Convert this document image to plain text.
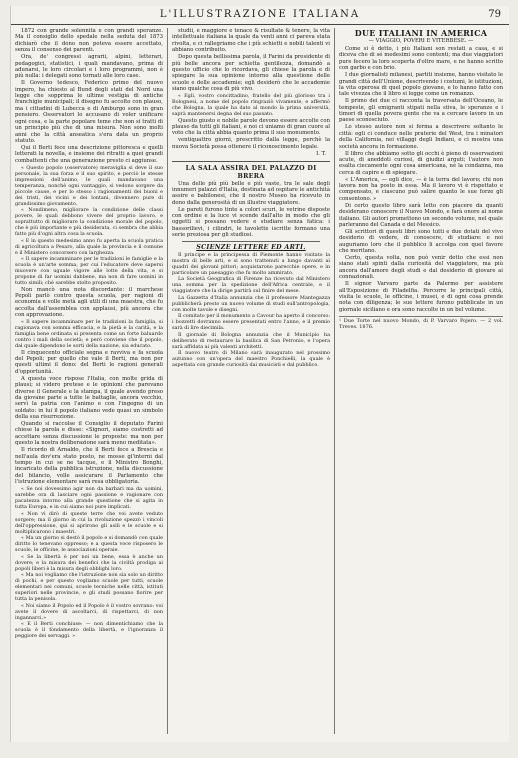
L'ILLUSTRAZIONE ITALIANA	79

1872 con grande solennità e con grandi speranze. Ma il consiglio dello spedale nella seduta del 1873 dichiarò che il dono non poteva essere accettato, senza il consenso dei parenti.

Ora, de' congressi agrarii, alpini, letterari, pedagogici, statistici, i quali mandavano, prima di adunarsi, le loro circolari e i loro programmi, non è più nulla: i delegati sono tornati alle loro case.

Il Governo tedesco, Federico primo del nuovo impero, ha chiesto al Bund degli stati del Nord una legge che sopprima le ultime vestigia di antiche franchigie municipali; il disegno fu accolto con plauso, ma i cittadini di Lubecca e di Amburgo sono in gran pensiero. Osservatori lo accusano di voler unificare ogni cosa, e la parte popolare teme che non si tratti di un principio più che di una misura. Non sono molti anni che la città anseatica s'era data un proprio statuto.

Qui il Berti fece una descrizione pittoresca e quelli letterati la novella, e insieme dei ritratti a quei grandi combattenti che una generazione presto ci aggiunse.

« Questo popolo (osservatore) meraviglia si deve il suo personale, la sua forza e il suo spirito, e perciò le stesse impressioni dell'animo, le quali mandavano una temperanza, nonchè ogni vantaggio, si vedono sorgere da piccole cause, e per lo stesso i ragionamenti dei buoni e dei tristi, dei vicini e dei lontani, divennero pure di grandissimo giovamento.

« Nondimeno, migliorare la condizione delle classi povere, le quali debbono vivere del proprio lavoro, e soprattutto di migliorare la condizione morale del popolo, che è più importante e più desiderata, ci sembra che abbia fatto più d'ogni altra cosa la scuola.

« E in questo medesimo anno fu aperta la scuola pratica di agricoltura a Pesaro, alla quale la provincia e il comune e il Ministero concorsero con larghezza.

« Il sapere incamminare per le tradizioni le famiglie e la scuola è un'arte somma, per cui l'educatore deve sapersi muovere con uguale vigore alle lotte della vita, e si propone di far uomini dabbene, ma non di fare uomini in tutto simili; ché sarebbe stolto proposito.

Non mancò una nota discordante: il marchese Pepoli parlò contro questa scuola, per ragioni di economia e volle metà agli utili di una maestra, che fu accolta dall'assemblea con applausi, più ancora che con approvazione.

« Il sapere incamminare per le tradizioni la famiglia, si ragionava con somma efficacia, e la pietà e la carità, e la famiglia bene ordinata si presenta come un forte baluardo contro i mali della società; e però conviene che il popolo, dal quale dipendono le sorti della nazione, sia educato.

Il cinquecento officiale segna e ravviva e fa scuola del Pepoli; per quello che vale il Berti, ma non per questi ultimi il dono: del Berti le ragioni generali d'opportunità.

A questa voce rispose l'Italia, con molte grida di plausi; si videro pretese e le opinioni che parevano diverse il Generale e la stampa, il quale avendo preso da giovane parte a tutte le battaglie, ancora vecchio, servì la patria con l'animo e con l'ingegno di un soldato: in lui il popolo italiano vede quasi un simbolo della sua risurrezione.

Quando si raccolse il Consiglio il deputato Farini chiese la parola e disse: «Signori, siamo costretti ad accettare senza discussione le proposte: ma non per questo la nostra deliberazione sarà meno meditata».

Il ricordo di Arnaldo, che il Berti fece a Brescia e nell'aula dov'era stato posto, ne mosse gl'interni dal tempo in cui se ne tacque, e il Ministro Bonghi, incaricato della pubblica istruzione, nella discussione del bilancio, volle assicurare il Parlamento che l'istruzione elementare sarà resa obbligatoria.

« Se noi dovessimo agir non da barbari ma da uomini, sarebbe ora di lasciare ogni passione e ragionare con pacatezza intorno alla grande questione che si agita in tutta Europa, e in cui siamo noi pure implicati.

« Non vi dirò di queste terre che voi avete veduto sorgere; ma il giorno in cui la rivoluzione spezzò i vincoli dell'oppressione, qui si aprirono gli asili e le scuole e si moltiplicarono i maestri.

« Ma un giorno si destò il popolo e si domandò con quale diritto lo tenevano oppresso; e a questa voce risposero le scuole, le officine, le associazioni operaie.

« Se la libertà è per noi un bene, essa è anche un dovere; e la misura dei benefici che la civiltà prodiga ai popoli liberi è la misura degli obblighi loro.

« Ma noi vogliamo che l'istruzione non sia solo un diritto di pochi, e per questo vogliamo scuole per tutti, scuole elementari nei comuni, scuole tecniche nelle città, istituti superiori nelle provincie, e gli studi possano fiorire per tutta la penisola.

« Noi siamo il Popolo ed il Popolo è il vostro sovrano: voi avete il dovere di ascoltarci, di rispettarci, di non ingannarci.»

« E il Berti conchiuse: — non dimentichiamo che la scuola è il fondamento della libertà, e l'ignoranza il peggiore dei servaggi. »

studii, e maggiore e tenace & risultate & tenere, la vita intellettuale italiana la quale da venti anni ci pareva stata rivolta, e ci rallegriamo che i più schietti e nobili talenti vi abbiano contribuito.

Dopo questa bellissima parola, il Farini da presidente di più belle ancora per schietta gentilezza, domandò a questo ufficio che lo ricordava, gli chiese la parola e di spiegare la sua opinione intorno alla questione delle scuole e delle accademie; egli desiderò che le accademie siano qualche cosa di più vivo.

« Egli, vostro concittadino, fratello del più glorioso tra i Bolognesi, a nome del popolo ringraziò vivamente, e affermò che Bologna, la quale ha dato al mondo la prima università, saprà mantenersi degna del suo passato.

Questo giusto e nobile parole devono essere accolte con plauso da tutti gli italiani, e noi ci uniamo di gran cuore al voto che la città abbia quanto prima il suo monumento.

ventiquattro giorni, prescritto dalla legge, perchè la nuova Società possa ottenere il riconoscimento legale.

I. T.
LA SALA ASSIRA DEL PALAZZO DI BRERA

Una delle più più belle e più vaste, tra le sale degli innumeri palazzi d'Italia, destinata ad ospitare le antichità assire e babilonesi, che il nostro Museo ha ricevuto in dono dalla generosità di un illustre viaggiatore.

Le pareti furono tinte a colori scuri, le vetrine disposte con ordine e la luce vi scende dall'alto in modo che gli oggetti si possano vedere e studiare senza fatica: i bassorilievi, i cilindri, le tavolette iscritte formano una serie preziosa per gli studiosi.

SCIENZE LETTERE ED ARTI.

Il principe e la principessa di Piemonte hanno visitato la mostra di belle arti, e si sono trattenuti a lungo davanti ai quadri dei giovani pittori; acquistarono parecchie opere, e in particolare un paesaggio che fu molto ammirato.

La Società Geografica di Firenze ha ricevuto dal Ministero una somma per la spedizione dell'Africa centrale, e il viaggiatore che la dirige partirà sul finire del mese.

La Gazzetta d'Italia annunzia che il professore Mantegazza pubblicherà presto un nuovo volume di studi sull'antropologia, con molte tavole e disegni.

Il comitato per il monumento a Cavour ha aperto il concorso: i bozzetti dovranno essere presentati entro l'anno, e il premio sarà di lire diecimila.

Il giornale di Bologna annunzia che il Municipio ha deliberato di restaurare la basilica di San Petronio, e l'opera sarà affidata ai più valenti architetti.

Il nuovo teatro di Milano sarà inaugurato nel prossimo autunno con un'opera del maestro Ponchielli, la quale è aspettata con grande curiosità dai musicisti e dal pubblico.

DUE ITALIANI IN AMERICA
— VIAGGIO, POVERI E VITERBESE. —

Come si è detto, i più Italiani son restati a casa, e si diceva che di sé medesimi sono contenti; ma due viaggiatori pure fecero la loro scoperta d'oltre mare, e ne hanno scritto con garbo e con brio.

I due giornalisti milanesi, partiti insieme, hanno visitato le grandi città dell'Unione, descrivendo i costumi, le istituzioni, la vita operosa di quel popolo giovane, e lo hanno fatto con tale vivezza che il libro si legge come un romanzo.

Il primo dei due ci racconta la traversata dell'Oceano, le tempeste, gli emigranti stipati nella stiva, le speranze e i timori di quella povera gente che va a cercare lavoro in un paese sconosciuto.

Lo stesso autore non si ferma a descrivere soltanto le città: egli ci conduce nelle praterie del West, tra i minatori della California, nei villaggi degli Indiani, e ci mostra una società ancora in formazione.

Il libro che abbiamo sotto gli occhi è pieno di osservazioni acute, di aneddoti curiosi, di giudizi arguti; l'autore non esalta ciecamente ogni cosa americana, nè la condanna, ma cerca di capire e di spiegare.

« L'America, — egli dice, — è la terra del lavoro; chi non lavora non ha posto in essa. Ma il lavoro vi è rispettato e compensato, e ciascuno può salire quanto le sue forze gli consentono. »

Di certo questo libro sarà letto con piacere da quanti desiderano conoscere il Nuovo Mondo, e farà onore al nome italiano. Gli autori promettono un secondo volume, nel quale parleranno del Canada e del Messico.

Gli scrittori di questi libri sono tutti e due dotati del vivo desiderio di vedere, di conoscere, di studiare: e noi auguriamo loro che il pubblico li accolga con quel favore che meritano.

Certo, questa volta, non può venir detto che essi non siano stati spinti dalla curiosità del viaggiatore, ma più ancora dall'amore degli studi e dal desiderio di giovare ai connazionali.

Il signor Varvaro parte da Palermo per assistere all'Esposizione di Filadelfia. Percorre le principali città, visita le scuole, le officine, i musei, e di ogni cosa prende nota con diligenza; le sue lettere furono pubblicate in un giornale siciliano e ora sono raccolte in un bel volume.

¹ Due Torte nel nuovo Mondo, di P. Varvaro Pojero. — 2 vol. Treves. 1876.
